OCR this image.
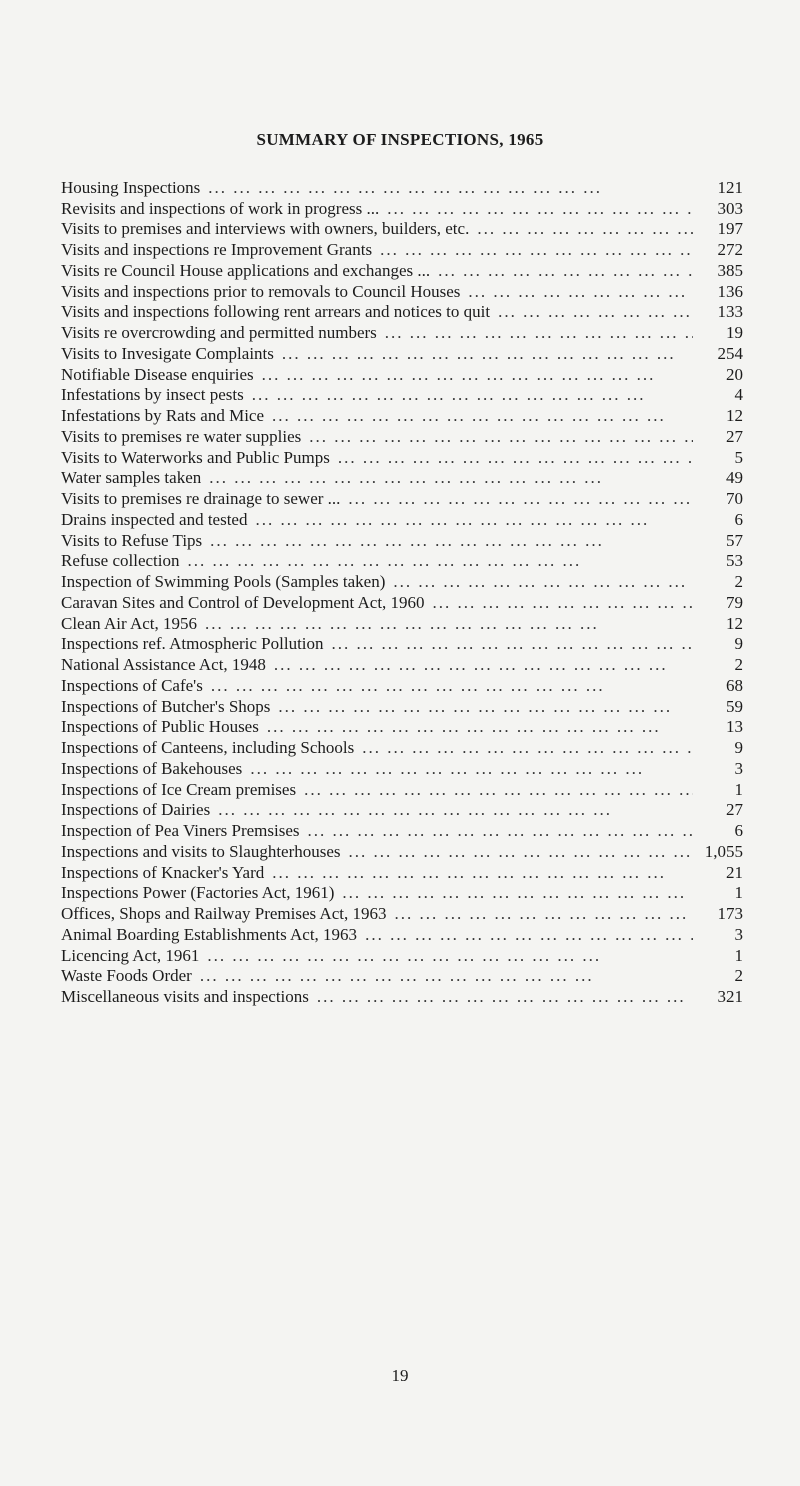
SUMMARY OF INSPECTIONS, 1965
Housing Inspections ... .	121
Revisits and inspections of work in progress ... ... .	303
Visits to premises and interviews with owners, builders, etc. ... .	197
Visits and inspections re Improvement Grants ... .	272
Visits re Council House applications and exchanges ... ... .	385
Visits and inspections prior to removals to Council Houses ... .	136
Visits and inspections following rent arrears and notices to quit ... .	133
Visits re overcrowding and permitted numbers ... .	19
Visits to Invesigate Complaints ... .	254
Notifiable Disease enquiries ... .	20
Infestations by insect pests ... .	4
Infestations by Rats and Mice ... .	12
Visits to premises re water supplies ... .	27
Visits to Waterworks and Public Pumps ... .	5
Water samples taken ... .	49
Visits to premises re drainage to sewer ... ... .	70
Drains inspected and tested ... .	6
Visits to Refuse Tips ... .	57
Refuse collection ... .	53
Inspection of Swimming Pools (Samples taken) ... .	2
Caravan Sites and Control of Development Act, 1960 ... .	79
Clean Air Act, 1956 ... .	12
Inspections ref. Atmospheric Pollution ... .	9
National Assistance Act, 1948 ... .	2
Inspections of Cafe's ... .	68
Inspections of Butcher's Shops ... .	59
Inspections of Public Houses ... .	13
Inspections of Canteens, including Schools ... .	9
Inspections of Bakehouses ... .	3
Inspections of Ice Cream premises ... .	1
Inspections of Dairies ... .	27
Inspection of Pea Viners Premsises ... .	6
Inspections and visits to Slaughterhouses ... .	1,055
Inspections of Knacker's Yard ... .	21
Inspections Power (Factories Act, 1961) ... .	1
Offices, Shops and Railway Premises Act, 1963 ... .	173
Animal Boarding Establishments Act, 1963 ... .	3
Licencing Act, 1961 ... .	1
Waste Foods Order ... .	2
Miscellaneous visits and inspections ... .	321
19
